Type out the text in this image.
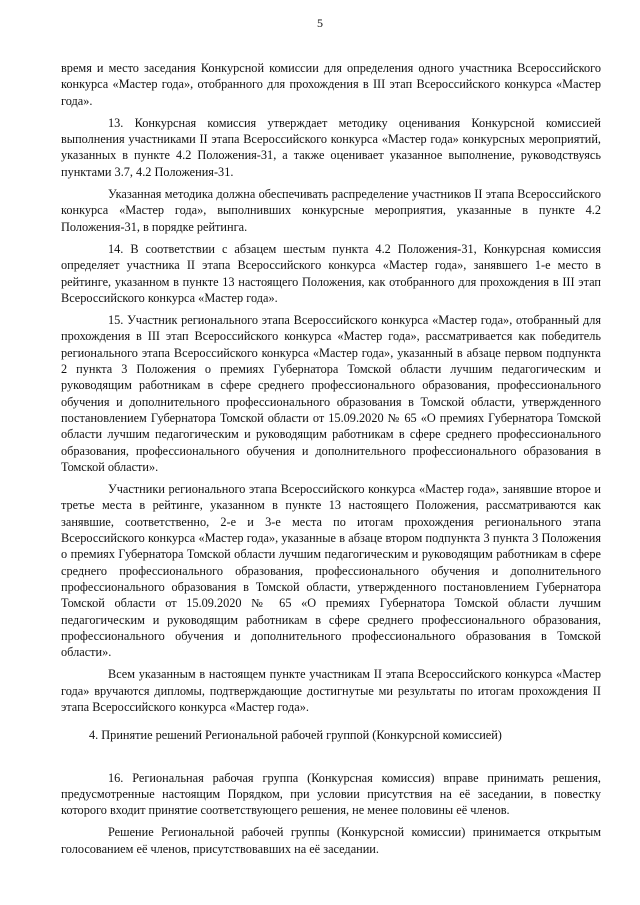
5

время и место заседания Конкурсной комиссии для определения одного участника Всероссийского конкурса «Мастер года», отобранного для прохождения в III этап Всероссийского конкурса «Мастер года».

13. Конкурсная комиссия утверждает методику оценивания Конкурсной комиссией выполнения участниками II этапа Всероссийского конкурса «Мастер года» конкурсных мероприятий, указанных в пункте 4.2 Положения-31, а также оценивает указанное выполнение, руководствуясь пунктами 3.7, 4.2 Положения-31.

Указанная методика должна обеспечивать распределение участников II этапа Всероссийского конкурса «Мастер года», выполнивших конкурсные мероприятия, указанные в пункте 4.2 Положения-31, в порядке рейтинга.

14. В соответствии с абзацем шестым пункта 4.2 Положения-31, Конкурсная комиссия определяет участника II этапа Всероссийского конкурса «Мастер года», занявшего 1-е место в рейтинге, указанном в пункте 13 настоящего Положения, как отобранного для прохождения в III этап Всероссийского конкурса «Мастер года».

15. Участник регионального этапа Всероссийского конкурса «Мастер года», отобранный для прохождения в III этап Всероссийского конкурса «Мастер года», рассматривается как победитель регионального этапа Всероссийского конкурса «Мастер года», указанный в абзаце первом подпункта 2 пункта 3 Положения о премиях Губернатора Томской области лучшим педагогическим и руководящим работникам в сфере среднего профессионального образования, профессионального обучения и дополнительного профессионального образования в Томской области, утвержденного постановлением Губернатора Томской области от 15.09.2020 № 65 «О премиях Губернатора Томской области лучшим педагогическим и руководящим работникам в сфере среднего профессионального образования, профессионального обучения и дополнительного профессионального образования в Томской области».

Участники регионального этапа Всероссийского конкурса «Мастер года», занявшие второе и третье места в рейтинге, указанном в пункте 13 настоящего Положения, рассматриваются как занявшие, соответственно, 2-е и 3-е места по итогам прохождения регионального этапа Всероссийского конкурса «Мастер года», указанные в абзаце втором подпункта 3 пункта 3 Положения о премиях Губернатора Томской области лучшим педагогическим и руководящим работникам в сфере среднего профессионального образования, профессионального обучения и дополнительного профессионального образования в Томской области, утвержденного постановлением Губернатора Томской области от 15.09.2020 № 65 «О премиях Губернатора Томской области лучшим педагогическим и руководящим работникам в сфере среднего профессионального образования, профессионального обучения и дополнительного профессионального образования в Томской области».

Всем указанным в настоящем пункте участникам II этапа Всероссийского конкурса «Мастер года» вручаются дипломы, подтверждающие достигнутые ми результаты по итогам прохождения II этапа Всероссийского конкурса «Мастер года».

4. Принятие решений Региональной рабочей группой (Конкурсной комиссией)

16. Региональная рабочая группа (Конкурсная комиссия) вправе принимать решения, предусмотренные настоящим Порядком, при условии присутствия на её заседании, в повестку которого входит принятие соответствующего решения, не менее половины её членов.

Решение Региональной рабочей группы (Конкурсной комиссии) принимается открытым голосованием её членов, присутствовавших на её заседании.
